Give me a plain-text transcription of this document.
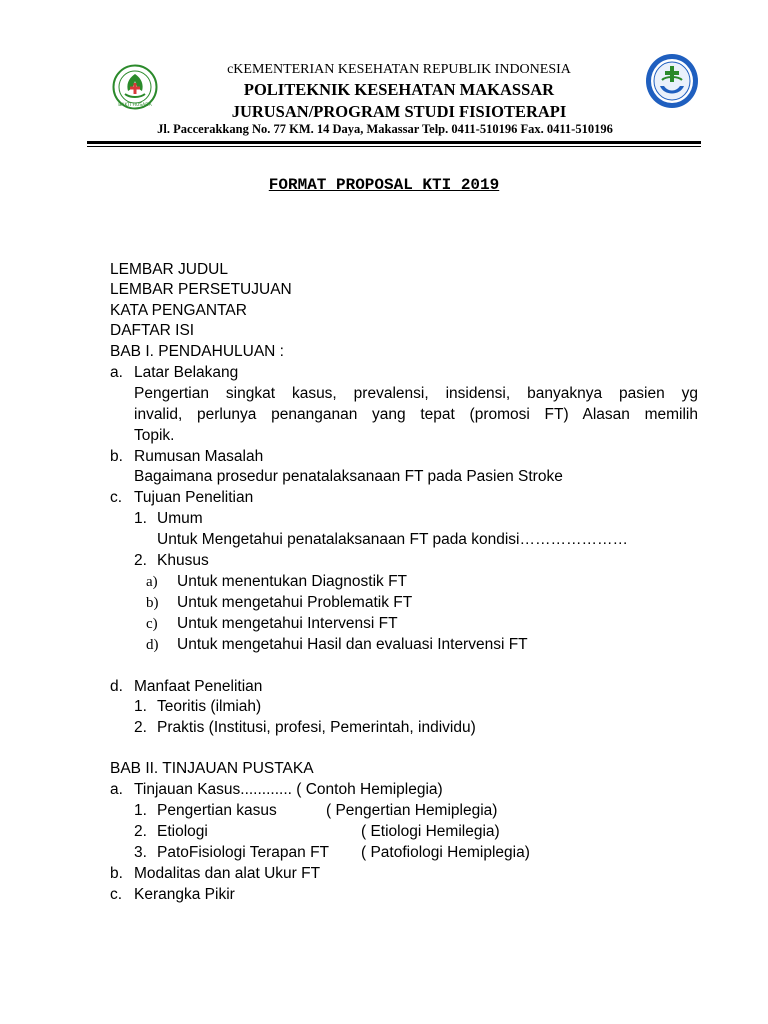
BAKTI HUSADA
cKEMENTERIAN KESEHATAN REPUBLIK INDONESIA
POLITEKNIK KESEHATAN MAKASSAR
JURUSAN/PROGRAM STUDI FISIOTERAPI
Jl. Paccerakkang No. 77 KM. 14 Daya, Makassar Telp. 0411-510196 Fax. 0411-510196
FORMAT PROPOSAL KTI 2019
LEMBAR JUDUL
LEMBAR PERSETUJUAN
KATA PENGANTAR
DAFTAR ISI
BAB I. PENDAHULUAN :
a. Latar Belakang
Pengertian singkat kasus, prevalensi, insidensi, banyaknya pasien yg
invalid, perlunya penanganan yang tepat (promosi FT) Alasan memilih
Topik.
b. Rumusan Masalah
Bagaimana prosedur penatalaksanaan FT pada Pasien Stroke
c. Tujuan Penelitian
1. Umum
Untuk Mengetahui penatalaksanaan FT pada kondisi…………………
2. Khusus
a) Untuk menentukan Diagnostik FT
b) Untuk mengetahui Problematik FT
c) Untuk mengetahui Intervensi FT
d) Untuk mengetahui Hasil dan evaluasi Intervensi FT
d. Manfaat Penelitian
1. Teoritis (ilmiah)
2. Praktis (Institusi, profesi, Pemerintah, individu)
BAB II. TINJAUAN PUSTAKA
a. Tinjauan Kasus............ ( Contoh Hemiplegia)
1. Pengertian kasus	( Pengertian Hemiplegia)
2. Etiologi	( Etiologi Hemilegia)
3. PatoFisiologi Terapan FT ( Patofiologi Hemiplegia)
b. Modalitas dan alat Ukur FT
c. Kerangka Pikir
